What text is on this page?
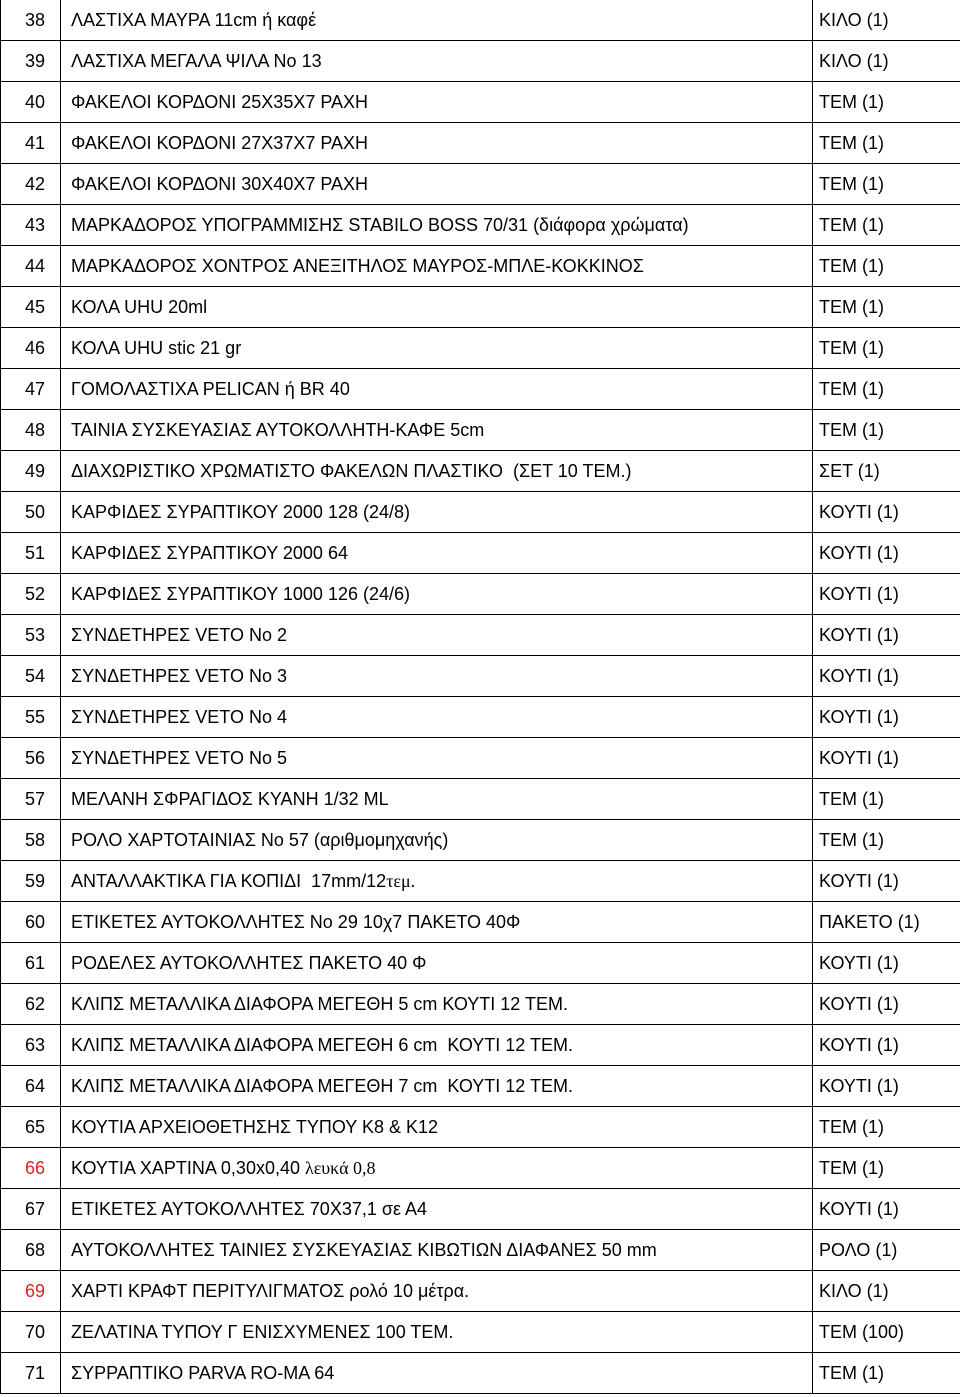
38	ΛΑΣΤΙΧΑ ΜΑΥΡΑ 11cm ή καφέ	ΚΙΛΟ (1)
39	ΛΑΣΤΙΧΑ ΜΕΓΑΛΑ ΨΙΛΑ Νο 13	ΚΙΛΟ (1)
40	ΦΑΚΕΛΟΙ ΚΟΡΔΟΝΙ 25Χ35Χ7 ΡΑΧΗ	ΤΕΜ (1)
41	ΦΑΚΕΛΟΙ ΚΟΡΔΟΝΙ 27Χ37Χ7 ΡΑΧΗ	ΤΕΜ (1)
42	ΦΑΚΕΛΟΙ ΚΟΡΔΟΝΙ 30Χ40Χ7 ΡΑΧΗ	ΤΕΜ (1)
43	ΜΑΡΚΑΔΟΡΟΣ ΥΠΟΓΡΑΜΜΙΣΗΣ STABILO BOSS 70/31 (διάφορα χρώματα)	ΤΕΜ (1)
44	ΜΑΡΚΑΔΟΡΟΣ ΧΟΝΤΡΟΣ ΑΝΕΞΙΤΗΛΟΣ ΜΑΥΡΟΣ-ΜΠΛΕ-ΚΟΚΚΙΝΟΣ	ΤΕΜ (1)
45	ΚΟΛΑ UHU 20ml	ΤΕΜ (1)
46	ΚΟΛΑ UHU stic 21 gr	ΤΕΜ (1)
47	ΓΟΜΟΛΑΣΤΙΧΑ PELICAN ή BR 40	ΤΕΜ (1)
48	ΤΑΙΝΙΑ ΣΥΣΚΕΥΑΣΙΑΣ ΑΥΤΟΚΟΛΛΗΤΗ-ΚΑΦΕ 5cm	ΤΕΜ (1)
49	ΔΙΑΧΩΡΙΣΤΙΚΟ ΧΡΩΜΑΤΙΣΤΟ ΦΑΚΕΛΩΝ ΠΛΑΣΤΙΚΟ  (ΣΕΤ 10 ΤΕΜ.)	ΣΕΤ (1)
50	ΚΑΡΦΙΔΕΣ ΣΥΡΑΠΤΙΚΟΥ 2000 128 (24/8)	ΚΟΥΤΙ (1)
51	ΚΑΡΦΙΔΕΣ ΣΥΡΑΠΤΙΚΟΥ 2000 64	ΚΟΥΤΙ (1)
52	ΚΑΡΦΙΔΕΣ ΣΥΡΑΠΤΙΚΟΥ 1000 126 (24/6)	ΚΟΥΤΙ (1)
53	ΣΥΝΔΕΤΗΡΕΣ VETO No 2	ΚΟΥΤΙ (1)
54	ΣΥΝΔΕΤΗΡΕΣ VETO No 3	ΚΟΥΤΙ (1)
55	ΣΥΝΔΕΤΗΡΕΣ VETO No 4	ΚΟΥΤΙ (1)
56	ΣΥΝΔΕΤΗΡΕΣ VETO No 5	ΚΟΥΤΙ (1)
57	ΜΕΛΑΝΗ ΣΦΡΑΓΙΔΟΣ ΚΥΑΝΗ 1/32 ML	ΤΕΜ (1)
58	ΡΟΛΟ ΧΑΡΤΟΤΑΙΝΙΑΣ Νο 57 (αριθμομηχανής)	ΤΕΜ (1)
59	ΑΝΤΑΛΛΑΚΤΙΚΑ ΓΙΑ ΚΟΠΙΔΙ  17mm/12τεμ.	ΚΟΥΤΙ (1)
60	ΕΤΙΚΕΤΕΣ ΑΥΤΟΚΟΛΛΗΤΕΣ Νο 29 10χ7 ΠΑΚΕΤΟ 40Φ	ΠΑΚΕΤΟ (1)
61	ΡΟΔΕΛΕΣ ΑΥΤΟΚΟΛΛΗΤΕΣ ΠΑΚΕΤΟ 40 Φ	ΚΟΥΤΙ (1)
62	ΚΛΙΠΣ ΜΕΤΑΛΛΙΚΑ ΔΙΑΦΟΡΑ ΜΕΓΕΘΗ 5 cm ΚΟΥΤΙ 12 ΤΕΜ.	ΚΟΥΤΙ (1)
63	ΚΛΙΠΣ ΜΕΤΑΛΛΙΚΑ ΔΙΑΦΟΡΑ ΜΕΓΕΘΗ 6 cm  ΚΟΥΤΙ 12 ΤΕΜ.	ΚΟΥΤΙ (1)
64	ΚΛΙΠΣ ΜΕΤΑΛΛΙΚΑ ΔΙΑΦΟΡΑ ΜΕΓΕΘΗ 7 cm  ΚΟΥΤΙ 12 ΤΕΜ.	ΚΟΥΤΙ (1)
65	ΚΟΥΤΙΑ ΑΡΧΕΙΟΘΕΤΗΣΗΣ ΤΥΠΟΥ Κ8 & Κ12	ΤΕΜ (1)
66	ΚΟΥΤΙΑ ΧΑΡΤΙΝΑ 0,30x0,40 λευκά 0,8	ΤΕΜ (1)
67	ΕΤΙΚΕΤΕΣ ΑΥΤΟΚΟΛΛΗΤΕΣ 70Χ37,1 σε Α4	ΚΟΥΤΙ (1)
68	ΑΥΤΟΚΟΛΛΗΤΕΣ ΤΑΙΝΙΕΣ ΣΥΣΚΕΥΑΣΙΑΣ ΚΙΒΩΤΙΩΝ ΔΙΑΦΑΝΕΣ 50 mm	ΡΟΛΟ (1)
69	ΧΑΡΤΙ ΚΡΑΦΤ ΠΕΡΙΤΥΛΙΓΜΑΤΟΣ ρολό 10 μέτρα.	ΚΙΛΟ (1)
70	ΖΕΛΑΤΙΝΑ ΤΥΠΟΥ Γ ΕΝΙΣΧΥΜΕΝΕΣ 100 ΤΕΜ.	ΤΕΜ (100)
71	ΣΥΡΡΑΠΤΙΚΟ PARVA RO-MA 64	ΤΕΜ (1)
